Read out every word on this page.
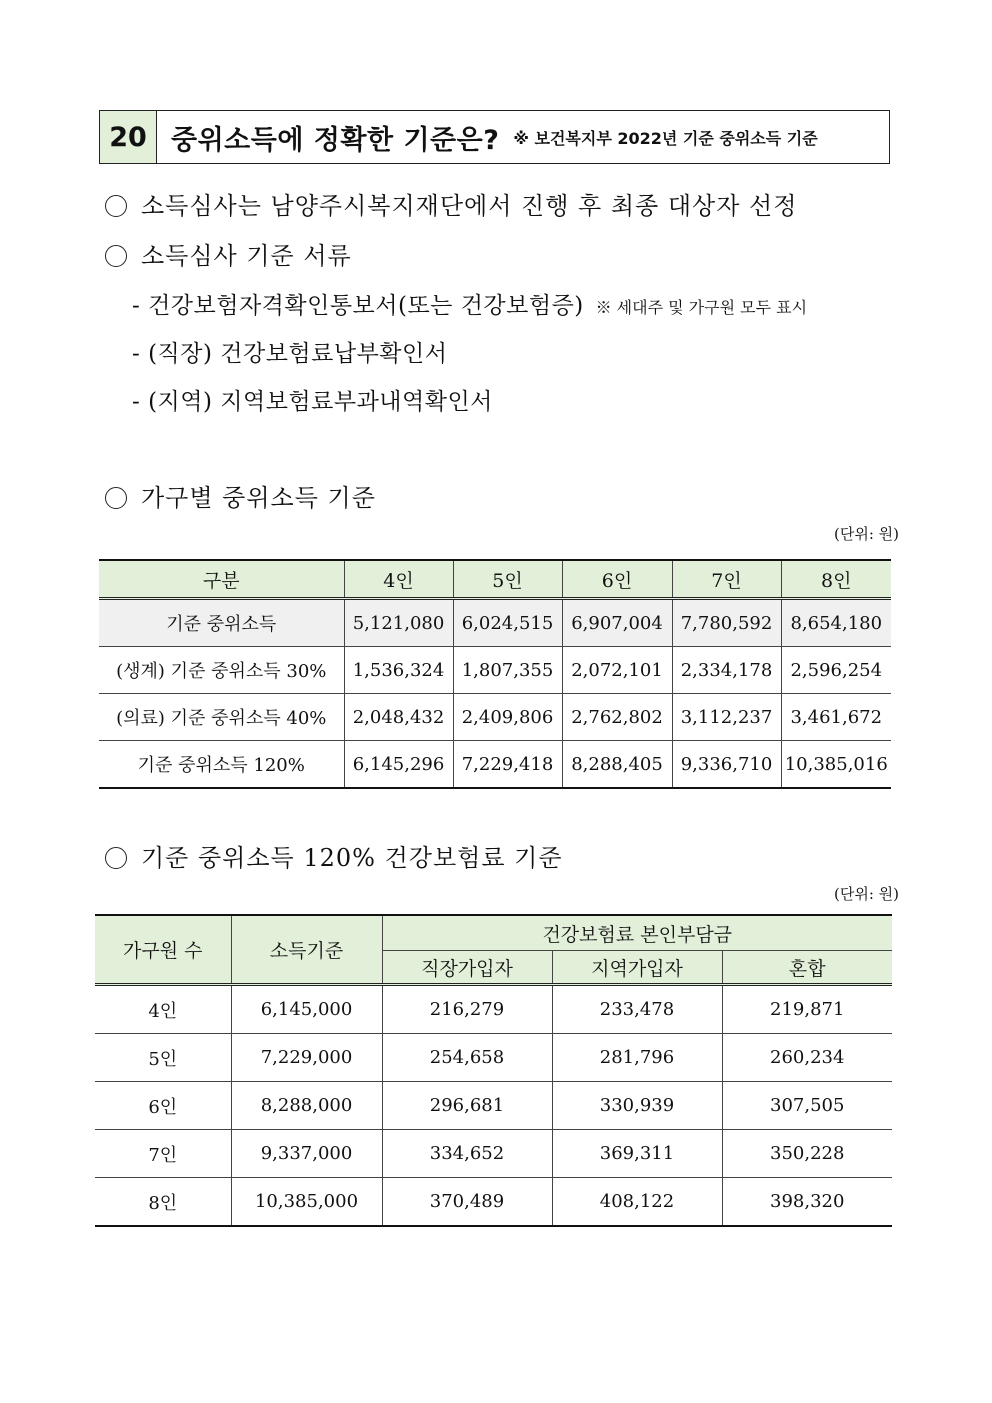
20 중위소득에 정확한 기준은? ※ 보건복지부 2022년 기준 중위소득 기준
소득심사는 남양주시복지재단에서 진행 후 최종 대상자 선정
소득심사 기준 서류
- 건강보험자격확인통보서(또는 건강보험증) ※ 세대주 및 가구원 모두 표시
- (직장) 건강보험료납부확인서
- (지역) 지역보험료부과내역확인서
가구별 중위소득 기준
(단위: 원)
구분	4인	5인	6인	7인	8인
기준 중위소득	5,121,080	6,024,515	6,907,004	7,780,592	8,654,180
(생계) 기준 중위소득 30%	1,536,324	1,807,355	2,072,101	2,334,178	2,596,254
(의료) 기준 중위소득 40%	2,048,432	2,409,806	2,762,802	3,112,237	3,461,672
기준 중위소득 120%	6,145,296	7,229,418	8,288,405	9,336,710	10,385,016
기준 중위소득 120% 건강보험료 기준
(단위: 원)
가구원 수	소득기준	건강보험료 본인부담금		
		직장가입자	지역가입자	혼합
4인	6,145,000	216,279	233,478	219,871
5인	7,229,000	254,658	281,796	260,234
6인	8,288,000	296,681	330,939	307,505
7인	9,337,000	334,652	369,311	350,228
8인	10,385,000	370,489	408,122	398,320
